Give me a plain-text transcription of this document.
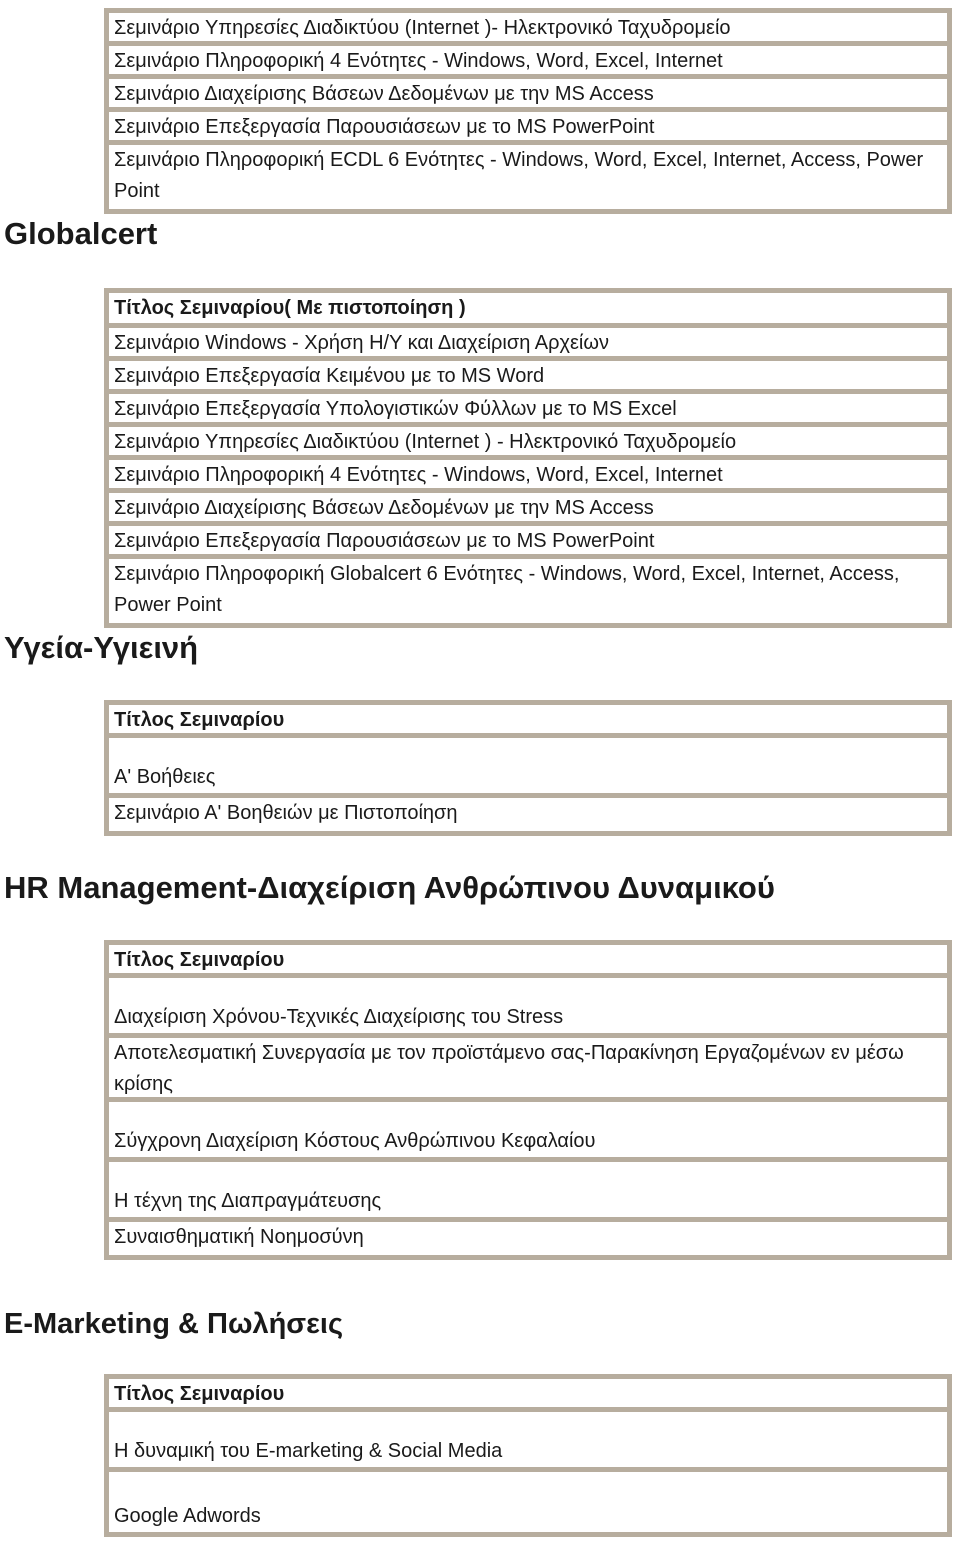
Σεμινάριο Υπηρεσίες Διαδικτύου (Internet )- Ηλεκτρονικό Ταχυδρομείο
Σεμινάριο Πληροφορική 4 Ενότητες - Windows, Word, Excel, Internet
Σεμινάριο Διαχείρισης Βάσεων Δεδομένων με την MS Access
Σεμινάριο Επεξεργασία Παρουσιάσεων με το MS PowerPoint
Σεμινάριο Πληροφορική ECDL 6 Ενότητες - Windows, Word, Excel, Internet, Access, Power Point
Globalcert
Τίτλος Σεμιναρίου( Με πιστοποίηση )
Σεμινάριο Windows - Χρήση Η/Υ και Διαχείριση Αρχείων
Σεμινάριο Επεξεργασία Κειμένου με το MS Word
Σεμινάριο Επεξεργασία Υπολογιστικών Φύλλων με το MS Excel
Σεμινάριο Υπηρεσίες Διαδικτύου (Internet ) - Ηλεκτρονικό Ταχυδρομείο
Σεμινάριο Πληροφορική 4 Ενότητες - Windows, Word, Excel, Internet
Σεμινάριο Διαχείρισης Βάσεων Δεδομένων με την MS Access
Σεμινάριο Επεξεργασία Παρουσιάσεων με το MS PowerPoint
Σεμινάριο Πληροφορική Globalcert 6 Ενότητες - Windows, Word, Excel, Internet, Access, Power Point
Υγεία-Υγιεινή
Τίτλος Σεμιναρίου
Α' Βοήθειες
Σεμινάριο Α' Βοηθειών με Πιστοποίηση
HR Management-Διαχείριση Ανθρώπινου Δυναμικού
Τίτλος Σεμιναρίου
Διαχείριση Χρόνου-Τεχνικές Διαχείρισης του Stress
Αποτελεσματική Συνεργασία με τον προϊστάμενο σας-Παρακίνηση Εργαζομένων εν μέσω κρίσης
Σύγχρονη Διαχείριση Κόστους Ανθρώπινου Κεφαλαίου
Η τέχνη της Διαπραγμάτευσης
Συναισθηματική Νοημοσύνη
E-Marketing & Πωλήσεις
Τίτλος Σεμιναρίου
Η δυναμική του E-marketing & Social Media
Google Adwords
